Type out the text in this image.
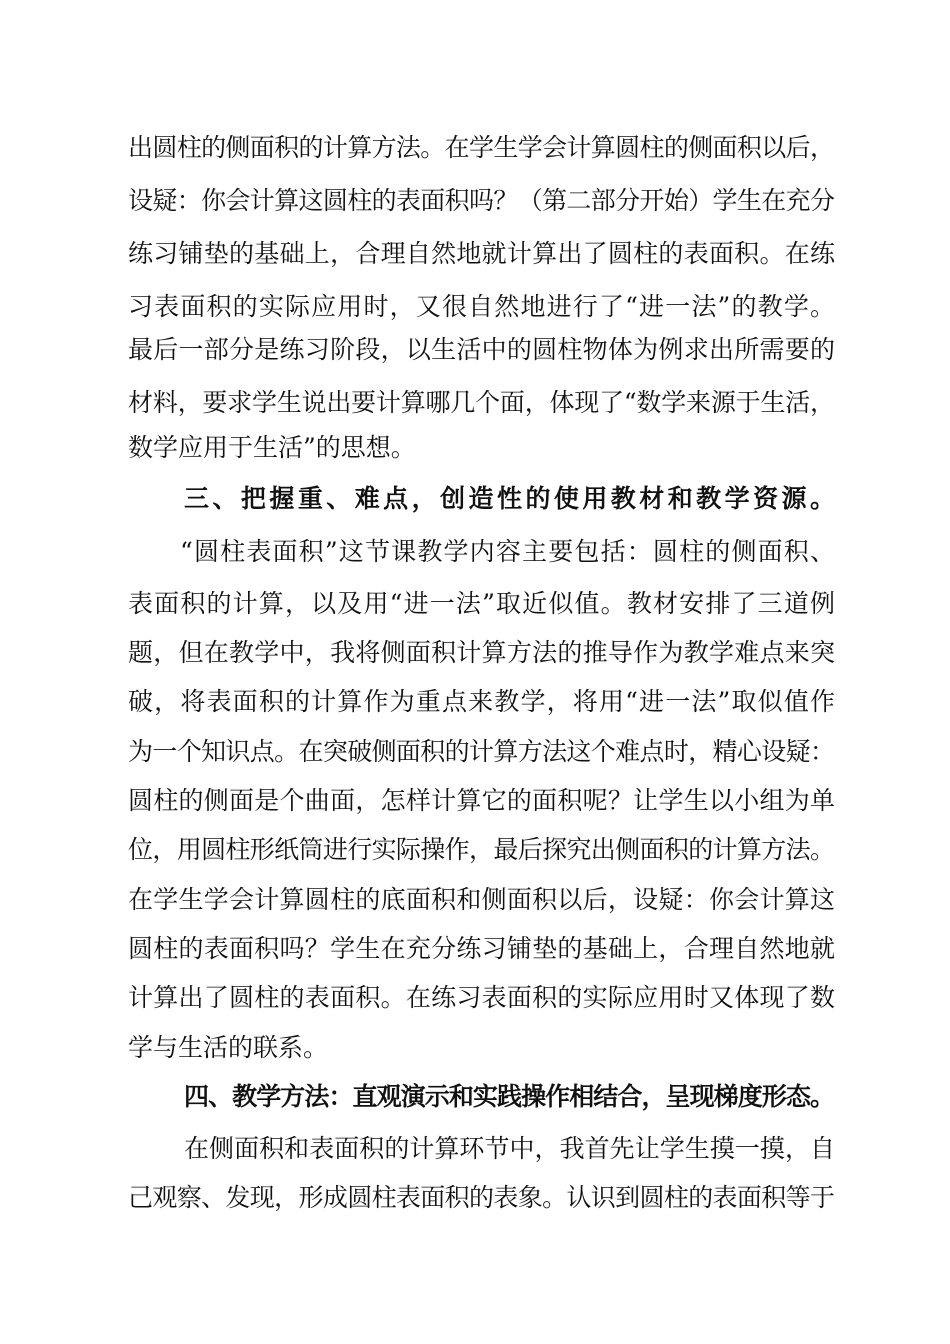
出圆柱的侧面积的计算方法。在学生学会计算圆柱的侧面积以后，
设疑：你会计算这圆柱的表面积吗？（第二部分开始）学生在充分
练习铺垫的基础上，合理自然地就计算出了圆柱的表面积。在练
习表面积的实际应用时，又很自然地进行了“进一法”的教学。
最后一部分是练习阶段，以生活中的圆柱物体为例求出所需要的
材料，要求学生说出要计算哪几个面，体现了“数学来源于生活，
数学应用于生活”的思想。
三、把握重、难点，创造性的使用教材和教学资源。
“圆柱表面积”这节课教学内容主要包括：圆柱的侧面积、
表面积的计算，以及用“进一法”取近似值。教材安排了三道例
题，但在教学中，我将侧面积计算方法的推导作为教学难点来突
破，将表面积的计算作为重点来教学，将用“进一法”取似值作
为一个知识点。在突破侧面积的计算方法这个难点时，精心设疑：
圆柱的侧面是个曲面，怎样计算它的面积呢？让学生以小组为单
位，用圆柱形纸筒进行实际操作，最后探究出侧面积的计算方法。
在学生学会计算圆柱的底面积和侧面积以后，设疑：你会计算这
圆柱的表面积吗？学生在充分练习铺垫的基础上，合理自然地就
计算出了圆柱的表面积。在练习表面积的实际应用时又体现了数
学与生活的联系。
四、教学方法：直观演示和实践操作相结合，呈现梯度形态。
在侧面积和表面积的计算环节中，我首先让学生摸一摸，自
己观察、发现，形成圆柱表面积的表象。认识到圆柱的表面积等于
